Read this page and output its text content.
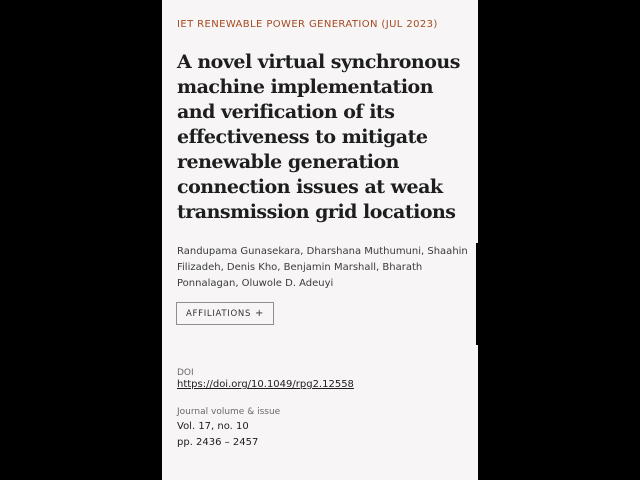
IET RENEWABLE POWER GENERATION (JUL 2023)
A novel virtual synchronous machine implementation and verification of its effectiveness to mitigate renewable generation connection issues at weak transmission grid locations
Randupama Gunasekara, Dharshana Muthumuni, Shaahin Filizadeh, Denis Kho, Benjamin Marshall, Bharath Ponnalagan, Oluwole D. Adeuyi
AFFILIATIONS +
DOI
https://doi.org/10.1049/rpg2.12558
Journal volume & issue
Vol. 17, no. 10
pp. 2436 – 2457
